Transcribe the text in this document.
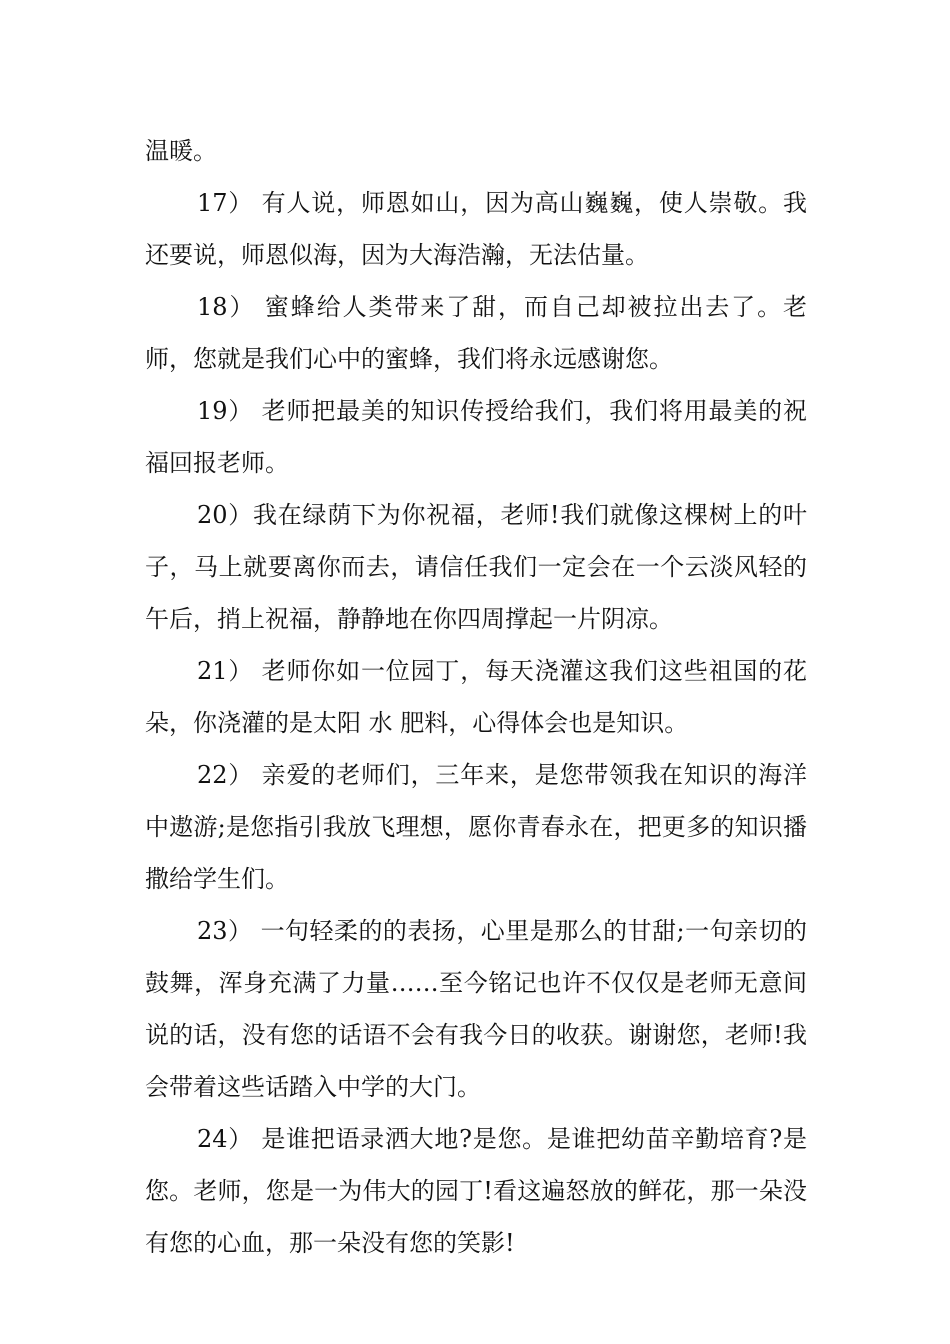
温暖。

17） 有人说，师恩如山，因为高山巍巍，使人崇敬。我还要说，师恩似海，因为大海浩瀚，无法估量。

18） 蜜蜂给人类带来了甜，而自己却被拉出去了。老师，您就是我们心中的蜜蜂，我们将永远感谢您。

19） 老师把最美的知识传授给我们，我们将用最美的祝福回报老师。

20）我在绿荫下为你祝福，老师!我们就像这棵树上的叶子，马上就要离你而去，请信任我们一定会在一个云淡风轻的午后，捎上祝福，静静地在你四周撑起一片阴凉。

21） 老师你如一位园丁，每天浇灌这我们这些祖国的花朵，你浇灌的是太阳 水 肥料，心得体会也是知识。

22） 亲爱的老师们，三年来，是您带领我在知识的海洋中遨游;是您指引我放飞理想，愿你青春永在，把更多的知识播撒给学生们。

23） 一句轻柔的的表扬，心里是那么的甘甜;一句亲切的鼓舞，浑身充满了力量……至今铭记也许不仅仅是老师无意间说的话，没有您的话语不会有我今日的收获。谢谢您，老师!我会带着这些话踏入中学的大门。

24） 是谁把语录洒大地?是您。是谁把幼苗辛勤培育?是您。老师，您是一为伟大的园丁!看这遍怒放的鲜花，那一朵没有您的心血，那一朵没有您的笑影!
